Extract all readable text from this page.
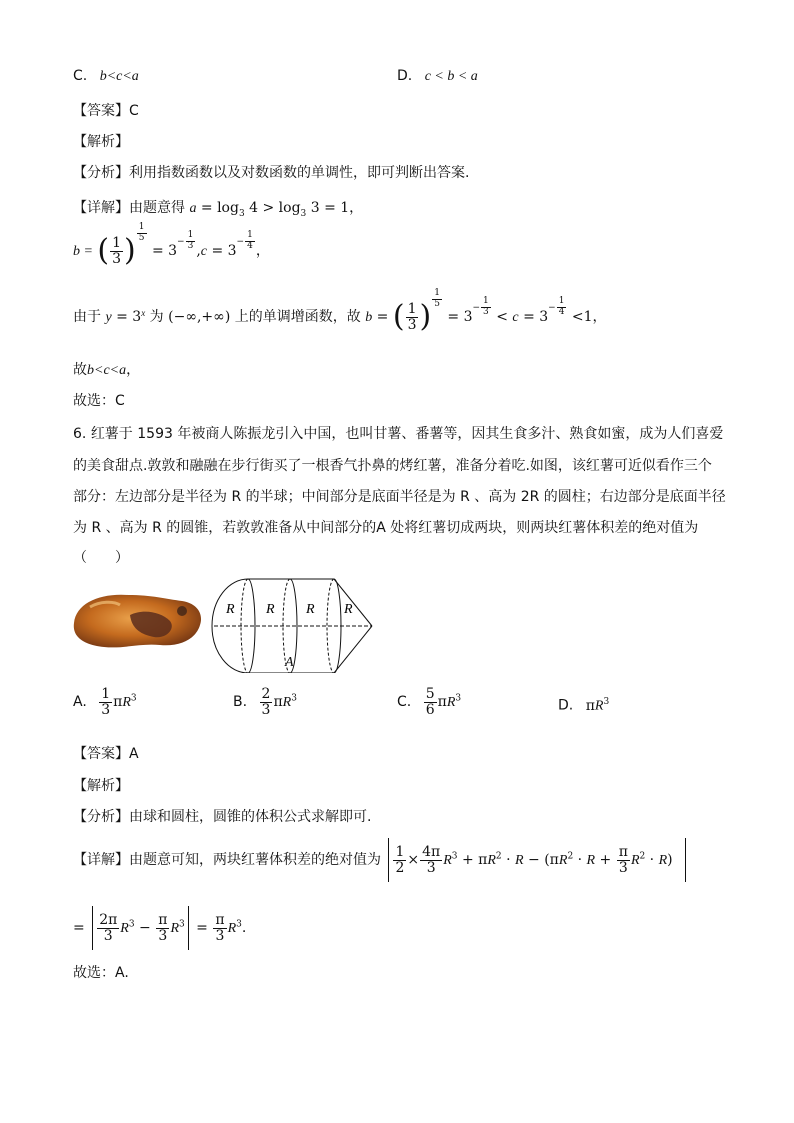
C. b<c<a	D. c < b < a
【答案】C
【解析】
【分析】利用指数函数以及对数函数的单调性，即可判断出答案.
【详解】由题意得 $a = \log_3 4 > \log_3 3 = 1$，
b = ( $\frac{1}{3}$ )
$^{\frac{1}{5}}$
= $3^{- \frac{1}{3}}$
$,c = 3^{- \frac{1}{4}}$
，
由于 $y = 3^x$ 为 (−∞,+∞) 上的单调增函数，故 b = ( $\frac{1}{3}$ )
$^{\frac{1}{5}}$
= $3^{- \frac{1}{3}}$
< $c = 3^{- \frac{1}{4}}$
<1，
故b<c<a，
故选：C
6. 红薯于 1593 年被商人陈振龙引入中国，也叫甘薯、番薯等，因其生食多汁、熟食如蜜，成为人们喜爱
的美食甜点.敦敦和融融在步行街买了一根香气扑鼻的烤红薯，准备分着吃.如图，该红薯可近似看作三个
部分：左边部分是半径为 R 的半球；中间部分是底面半径是为 R 、高为 2R 的圆柱；右边部分是底面半径
为 R 、高为 R 的圆锥，若敦敦准备从中间部分的A 处将红薯切成两块，则两块红薯体积差的绝对值为
（　　）
R R R R
A
A. $\frac{1}{3} \pi R^3$	B. $\frac{2}{3} \pi R^3$	C. $\frac{5}{6} \pi R^3$	D. $\pi R^3$
【答案】A
【解析】
【分析】由球和圆柱，圆锥的体积公式求解即可.
【详解】由题意可知，两块红薯体积差的绝对值为 $\frac{1}{2} \times \frac{4\pi}{3} R^3 + \pi R^2 \cdot R - (\pi R^2 \cdot R + \frac{\pi}{3} R^2 \cdot R)$
= $\frac{2\pi}{3} R^3 - \frac{\pi}{3} R^3 = \frac{\pi}{3} R^3$.
故选：A.
